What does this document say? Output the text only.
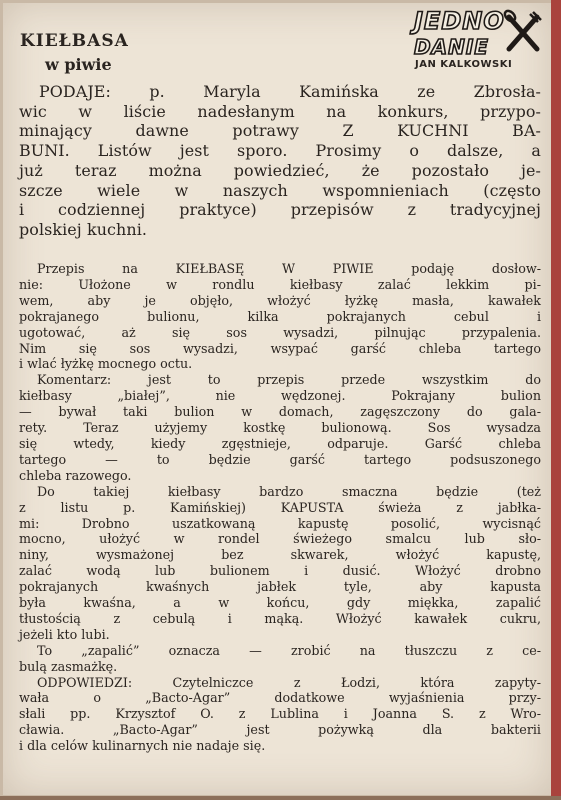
JEDNO
DANIE
JAN KALKOWSKI
KIEŁBASA
w piwie
PODAJE: p. Maryla Kamińska ze Zbrosła-
wic w liście nadesłanym na konkurs, przypo-
minający dawne potrawy Z KUCHNI BA-
BUNI. Listów jest sporo. Prosimy o dalsze, a
już teraz można powiedzieć, że pozostało je-
szcze wiele w naszych wspomnieniach (często
i codziennej praktyce) przepisów z tradycyjnej
polskiej kuchni.
Przepis na KIEŁBASĘ W PIWIE podaję dosłow-
nie: Ułożone w rondlu kiełbasy zalać lekkim pi-
wem, aby je objęło, włożyć łyżkę masła, kawałek
pokrajanego bulionu, kilka pokrajanych cebul i
ugotować, aż się sos wysadzi, pilnując przypalenia.
Nim się sos wysadzi, wsypać garść chleba tartego
i wlać łyżkę mocnego octu.
Komentarz: jest to przepis przede wszystkim do
kiełbasy „białej”, nie wędzonej. Pokrajany bulion
— bywał taki bulion w domach, zagęszczony do gala-
rety. Teraz użyjemy kostkę bulionową. Sos wysadza
się wtedy, kiedy zgęstnieje, odparuje. Garść chleba
tartego — to będzie garść tartego podsuszonego
chleba razowego.
Do takiej kiełbasy bardzo smaczna będzie (też
z listu p. Kamińskiej) KAPUSTA świeża z jabłka-
mi: Drobno uszatkowaną kapustę posolić, wycisnąć
mocno, ułożyć w rondel świeżego smalcu lub sło-
niny, wysmażonej bez skwarek, włożyć kapustę,
zalać wodą lub bulionem i dusić. Włożyć drobno
pokrajanych kwaśnych jabłek tyle, aby kapusta
była kwaśna, a w końcu, gdy miękka, zapalić
tłustością z cebulą i mąką. Włożyć kawałek cukru,
jeżeli kto lubi.
To „zapalić” oznacza — zrobić na tłuszczu z ce-
bulą zasmażkę.
ODPOWIEDZI: Czytelniczce z Łodzi, która zapyty-
wała o „Bacto-Agar” dodatkowe wyjaśnienia przy-
słali pp. Krzysztof O. z Lublina i Joanna S. z Wro-
cławia. „Bacto-Agar” jest pożywką dla bakterii
i dla celów kulinarnych nie nadaje się.
